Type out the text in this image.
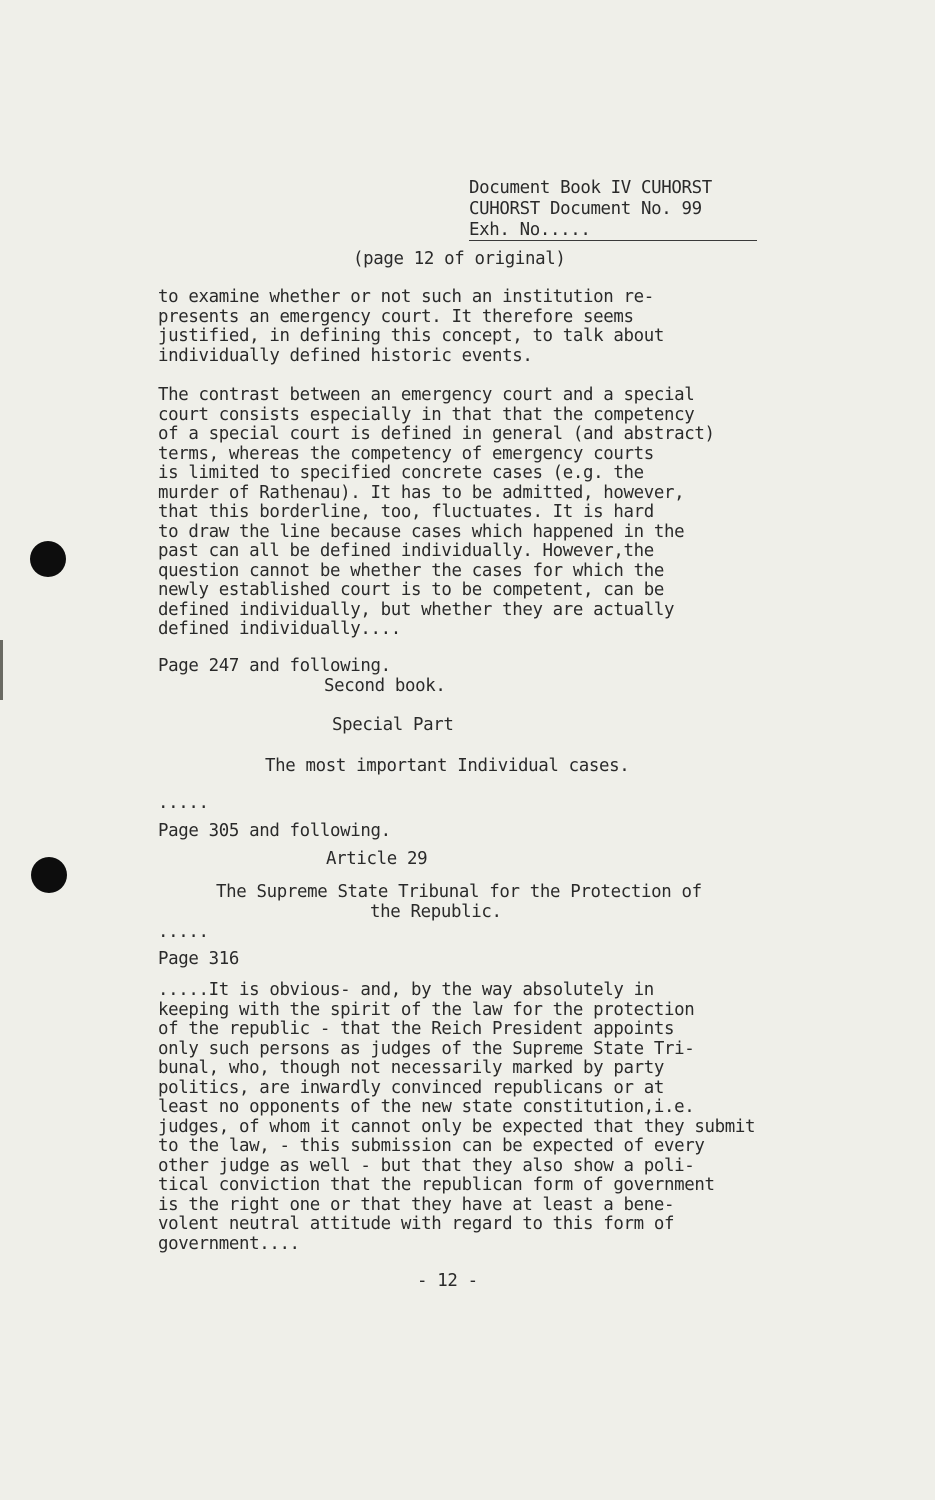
Document Book IV CUHORST
CUHORST Document No. 99
Exh. No.....
(page 12 of original)
to examine whether or not such an institution re-
presents an emergency court. It therefore seems
justified, in defining this concept, to talk about
individually defined historic events.
The contrast between an emergency court and a special
court consists especially in that that the competency
of a special court is defined in general (and abstract)
terms, whereas the competency of emergency courts
is limited to specified concrete cases (e.g. the
murder of Rathenau). It has to be admitted, however,
that this borderline, too, fluctuates. It is hard
to draw the line because cases which happened in the
past can all be defined individually. However,the
question cannot be whether the cases for which the
newly established court is to be competent, can be
defined individually, but whether they are actually
defined individually....
Page 247 and following.
Second book.
Special Part
The most important Individual cases.
.....
Page 305 and following.
Article 29
The Supreme State Tribunal for the Protection of
the Republic.
.....
Page 316
.....It is obvious- and, by the way absolutely in
keeping with the spirit of the law for the protection
of the republic - that the Reich President appoints
only such persons as judges of the Supreme State Tri-
bunal, who, though not necessarily marked by party
politics, are inwardly convinced republicans or at
least no opponents of the new state constitution,i.e.
judges, of whom it cannot only be expected that they submit
to the law, - this submission can be expected of every
other judge as well - but that they also show a poli-
tical conviction that the republican form of government
is the right one or that they have at least a bene-
volent neutral attitude with regard to this form of
government....
- 12 -
